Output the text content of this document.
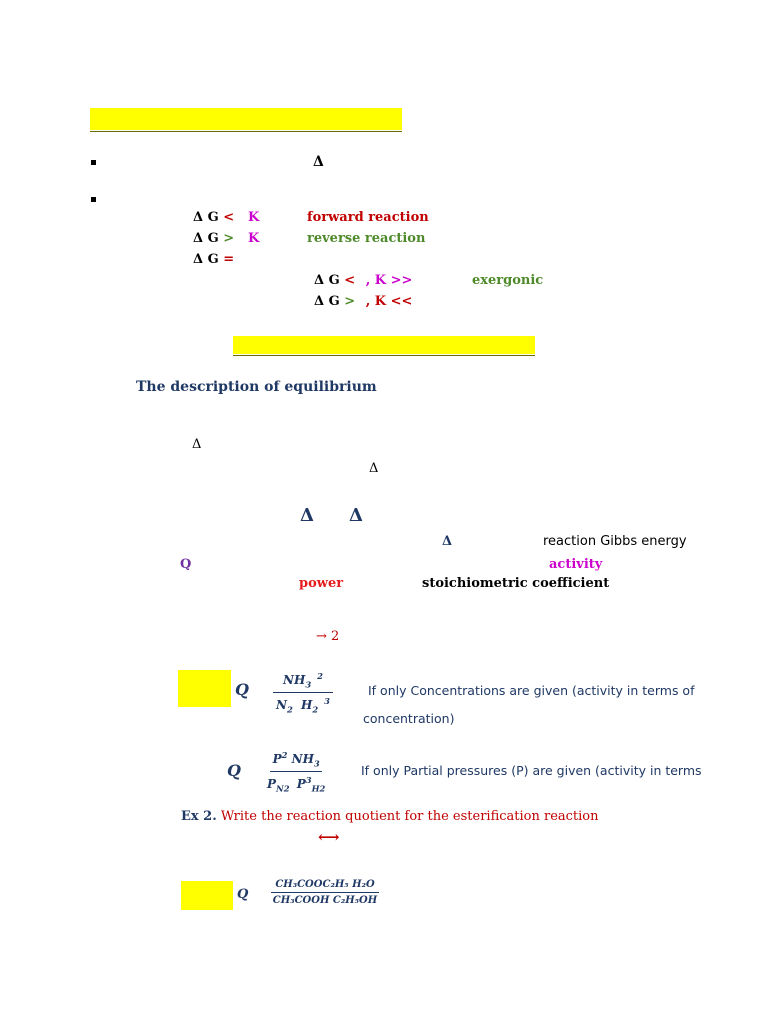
Δ
Δ G < K	forward reaction
Δ G > K	reverse reaction
Δ G =
Δ G < , K >>	exergonic
Δ G > , K <<
The description of equilibrium
Δ
Δ
Δ Δ
Δ	reaction Gibbs energy
Q	activity
power	stoichiometric coefficient
→ 2
Q	$NH_3^2$
$N_2$ $H_2^3$
If only Concentrations are given (activity in terms of
concentration)
Q
$P^2$ $NH_3$
$P_{N2}$ $P^3_{H2}$
If only Partial pressures (P) are given (activity in terms
Ex 2. Write the reaction quotient for the esterification reaction
⟷
Q
CH₃COOC₂H₅ H₂O
CH₃COOH C₂H₅OH
